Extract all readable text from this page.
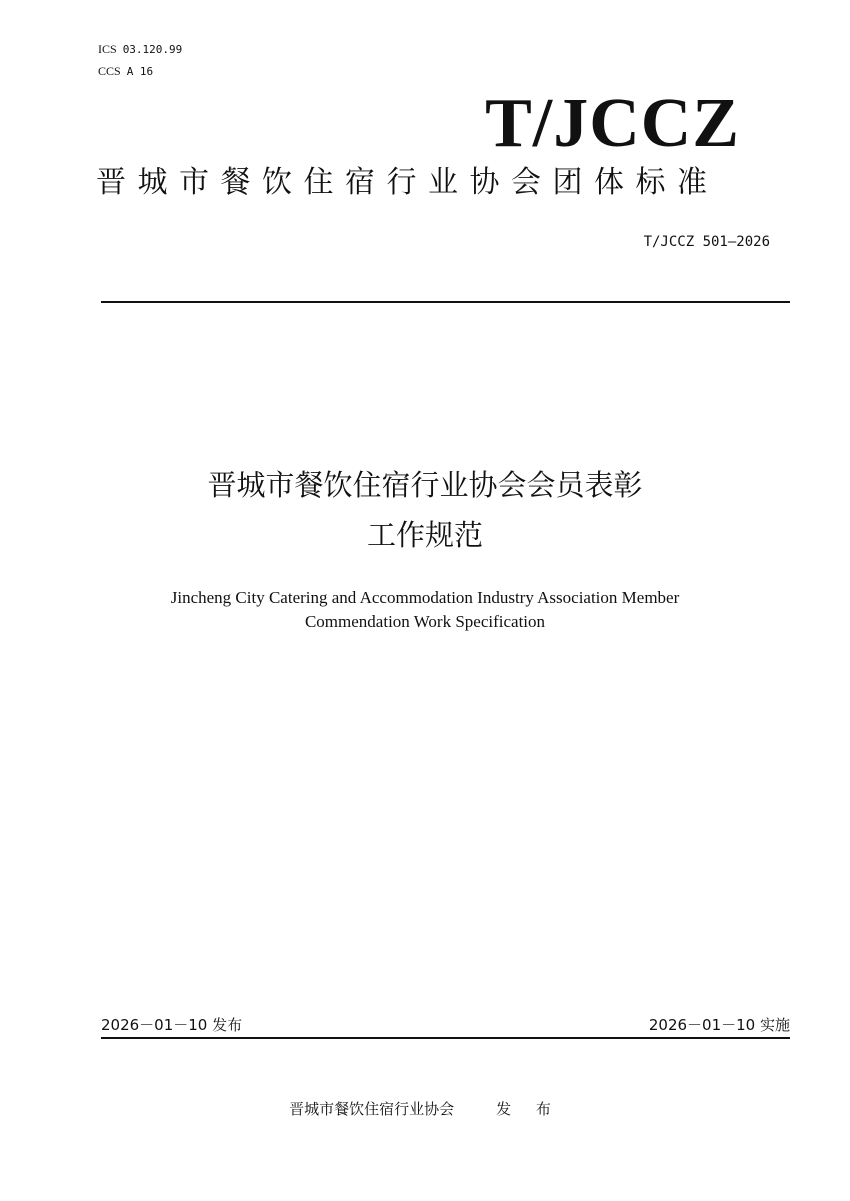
ICS 03.120.99
CCS A 16
T/JCCZ
晋城市餐饮住宿行业协会团体标准
T/JCCZ 501—2026
晋城市餐饮住宿行业协会会员表彰
工作规范
Jincheng City Catering and Accommodation Industry Association Member
Commendation Work Specification
2026－01－10 发布	2026－01－10 实施
晋城市餐饮住宿行业协会	发 布
